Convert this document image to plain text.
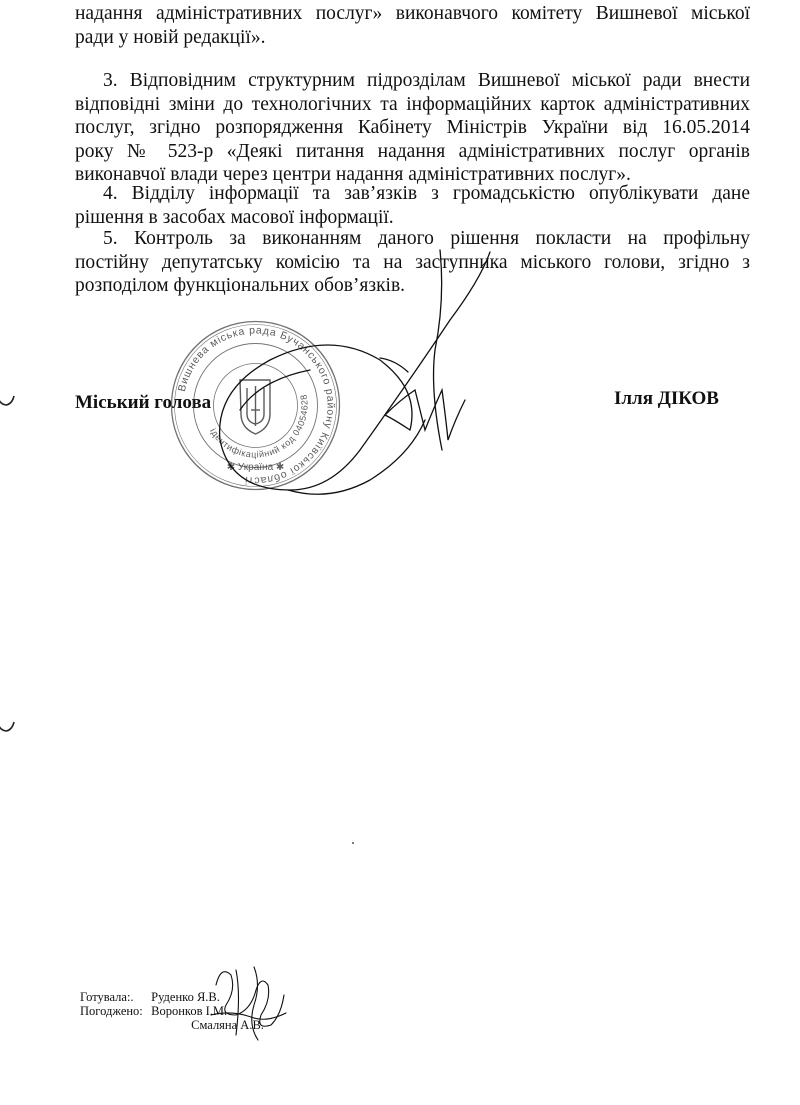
надання адміністративних послуг» виконавчого комітету Вишневої міської
ради у новій редакції».
3. Відповідним структурним підрозділам Вишневої міської ради внести
відповідні зміни до технологічних та інформаційних карток адміністративних
послуг, згідно розпорядження Кабінету Міністрів України від 16.05.2014
року № 523-р «Деякі питання надання адміністративних послуг органів
виконавчої влади через центри надання адміністративних послуг».
4. Відділу інформації та зав’язків з громадськістю опублікувати дане
рішення в засобах масової інформації.
5. Контроль за виконанням даного рішення покласти на профільну
постійну депутатську комісію та на заступника міського голови, згідно з
розподілом функціональних обов’язків.
Міський голова	Ілля ДІКОВ
Вишнева міська рада Бучанського району Київської області
ідентифікаційний код 04054628
✱ Україна ✱
Готувала:. Руденко Я.В.
Погоджено: Воронков І.М.
Смаляна А.В.
